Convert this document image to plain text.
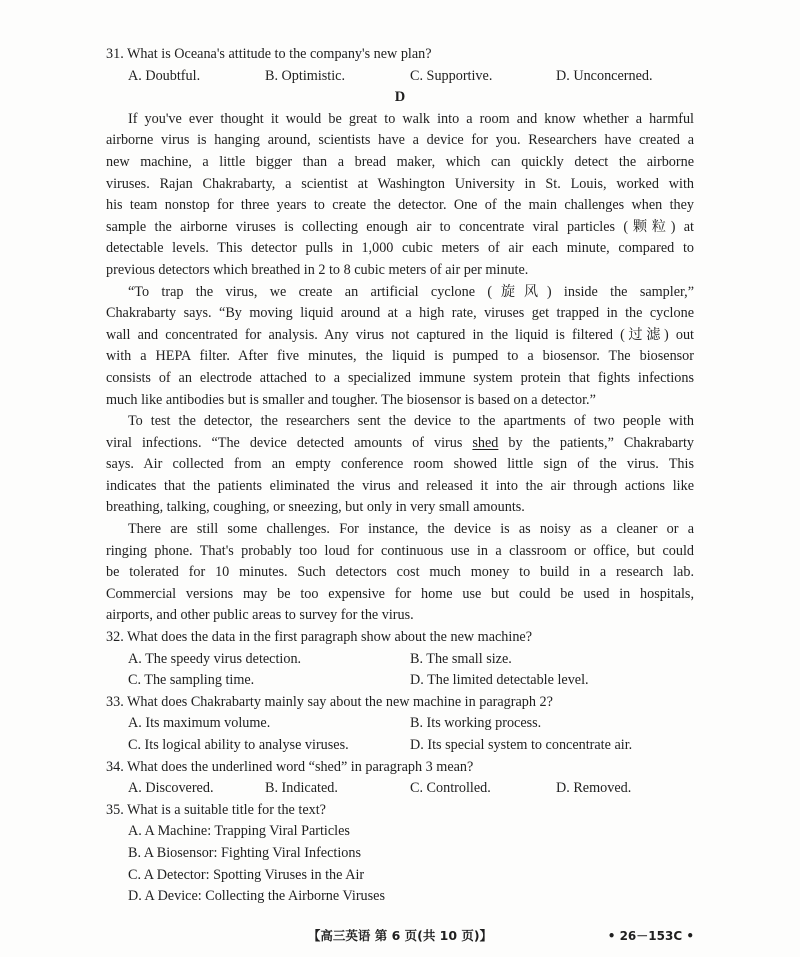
31. What is Oceana's attitude to the company's new plan?
A. Doubtful.	B. Optimistic.	C. Supportive.	D. Unconcerned.
D
If you've ever thought it would be great to walk into a room and know whether a harmful
airborne virus is hanging around, scientists have a device for you. Researchers have created a
new machine, a little bigger than a bread maker, which can quickly detect the airborne
viruses. Rajan Chakrabarty, a scientist at Washington University in St. Louis, worked with
his team nonstop for three years to create the detector. One of the main challenges when they
sample the airborne viruses is collecting enough air to concentrate viral particles (颗粒) at
detectable levels. This detector pulls in 1,000 cubic meters of air each minute, compared to
previous detectors which breathed in 2 to 8 cubic meters of air per minute.
“To trap the virus, we create an artificial cyclone (旋风) inside the sampler,”
Chakrabarty says. “By moving liquid around at a high rate, viruses get trapped in the cyclone
wall and concentrated for analysis. Any virus not captured in the liquid is filtered (过滤) out
with a HEPA filter. After five minutes, the liquid is pumped to a biosensor. The biosensor
consists of an electrode attached to a specialized immune system protein that fights infections
much like antibodies but is smaller and tougher. The biosensor is based on a detector.”
To test the detector, the researchers sent the device to the apartments of two people with
viral infections. “The device detected amounts of virus shed by the patients,” Chakrabarty
says. Air collected from an empty conference room showed little sign of the virus. This
indicates that the patients eliminated the virus and released it into the air through actions like
breathing, talking, coughing, or sneezing, but only in very small amounts.
There are still some challenges. For instance, the device is as noisy as a cleaner or a
ringing phone. That's probably too loud for continuous use in a classroom or office, but could
be tolerated for 10 minutes. Such detectors cost much money to build in a research lab.
Commercial versions may be too expensive for home use but could be used in hospitals,
airports, and other public areas to survey for the virus.
32. What does the data in the first paragraph show about the new machine?
A. The speedy virus detection.	B. The small size.
C. The sampling time.	D. The limited detectable level.
33. What does Chakrabarty mainly say about the new machine in paragraph 2?
A. Its maximum volume.	B. Its working process.
C. Its logical ability to analyse viruses.	D. Its special system to concentrate air.
34. What does the underlined word “shed” in paragraph 3 mean?
A. Discovered.	B. Indicated.	C. Controlled.	D. Removed.
35. What is a suitable title for the text?
A. A Machine: Trapping Viral Particles
B. A Biosensor: Fighting Viral Infections
C. A Detector: Spotting Viruses in the Air
D. A Device: Collecting the Airborne Viruses
【高三英语 第 6 页(共 10 页)】	• 26－153C •
